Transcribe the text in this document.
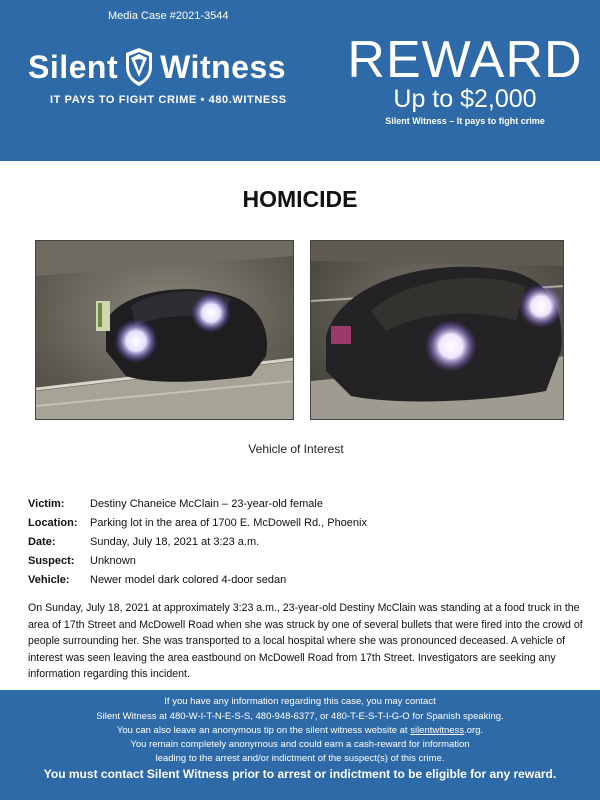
Media Case #2021-3544
Silent Witness
IT PAYS TO FIGHT CRIME • 480.WITNESS
REWARD
Up to $2,000
Silent Witness – It pays to fight crime
HOMICIDE
Vehicle of Interest
Victim:	Destiny Chaneice McClain – 23-year-old female
Location:	Parking lot in the area of 1700 E. McDowell Rd., Phoenix
Date:	Sunday, July 18, 2021 at 3:23 a.m.
Suspect:	Unknown
Vehicle:	Newer model dark colored 4-door sedan
On Sunday, July 18, 2021 at approximately 3:23 a.m., 23-year-old Destiny McClain was standing at a food truck in the area of 17th Street and McDowell Road when she was struck by one of several bullets that were fired into the crowd of people surrounding her. She was transported to a local hospital where she was pronounced deceased. A vehicle of interest was seen leaving the area eastbound on McDowell Road from 17th Street. Investigators are seeking any information regarding this incident.
If you have any information regarding this case, you may contact
Silent Witness at 480-W-I-T-N-E-S-S, 480-948-6377, or 480-T-E-S-T-I-G-O for Spanish speaking.
You can also leave an anonymous tip on the silent witness website at silentwitness.org.
You remain completely anonymous and could earn a cash-reward for information
leading to the arrest and/or indictment of the suspect(s) of this crime.
You must contact Silent Witness prior to arrest or indictment to be eligible for any reward.
